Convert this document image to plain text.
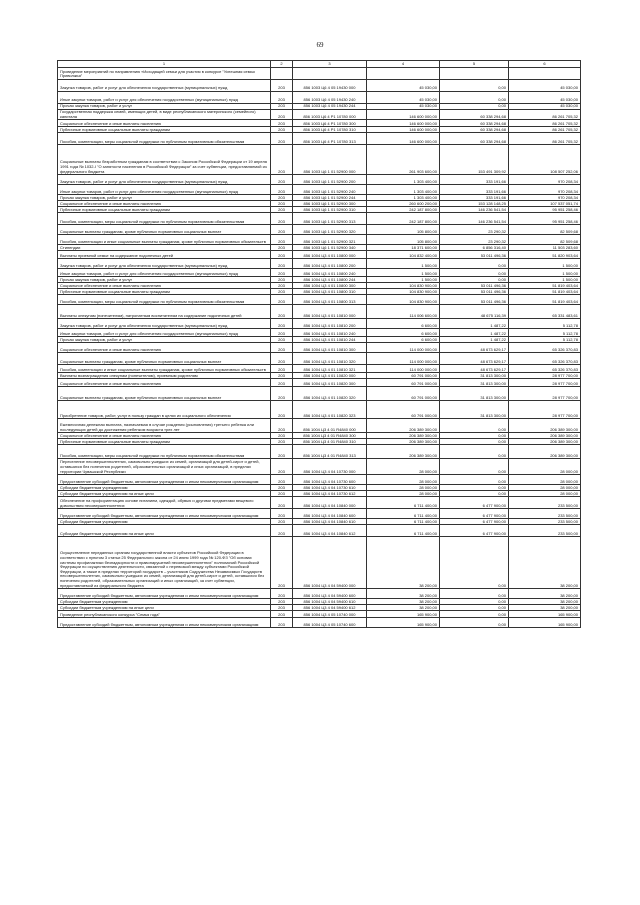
69
1	2	3	4	5	6
Проведение мероприятий по направлению «Исходящей семьи для участия в конкурсе "Успешная семья Приволжья"					
Закупка товаров, работ и услуг для обеспечения государственных (муниципальных) нужд	203	856 1003 Ц6 4 05 19430 000	45 030,00	0,00	45 030,00
Иные закупки товаров, работ и услуг для обеспечения государственных (муниципальных) нужд	203	856 1003 Ц6 4 05 19430 240	45 030,00	0,00	45 030,00
Прочая закупка товаров, работ и услуг	203	856 1003 Ц6 4 05 19430 244	45 030,00	0,00	45 030,00
Государственная поддержка семей, имеющих детей, в виде республиканского материнского (семейного) капитала	203	856 1003 Ц6 4 P1 10780 000	146 600 000,00	60 338 294,68	86 261 705,32
Социальное обеспечение и иные выплаты населению	203	856 1003 Ц6 4 P1 10780 300	146 600 000,00	60 338 294,68	86 261 705,32
Публичные нормативные социальные выплаты гражданам	203	856 1003 Ц6 4 P1 10780 310	146 600 000,00	60 338 294,68	86 261 705,32
Пособия, компенсации, меры социальной поддержки по публичным нормативным обязательствам	203	856 1003 Ц6 4 P1 10780 313	146 600 000,00	60 338 294,68	86 261 705,32
Социальные выплаты безработным гражданам в соответствии с Законом Российской Федерации от 19 апреля 1991 года № 1032-I "О занятости населения в Российской Федерации" за счет субвенции, предоставляемой из федерального бюджета	203	856 1003 Ц6 1 01 52900 000	261 903 600,00	153 491 309,92	108 507 252,06
Закупка товаров, работ и услуг для обеспечения государственных (муниципальных) нужд	203	856 1003 Ц6 1 01 52900 200	1 303 400,00	333 191,66	970 208,34
Иные закупки товаров, работ и услуг для обеспечения государственных (муниципальных) нужд	203	856 1003 Ц6 1 01 52900 240	1 303 400,00	333 191,66	970 208,34
Прочая закупка товаров, работ и услуг	203	856 1003 Ц6 1 01 52900 244	1 303 400,00	333 191,66	970 208,34
Социальное обеспечение и иные выплаты населению	203	856 1003 Ц6 1 01 52900 300	260 600 200,00	153 128 148,25	107 537 051,74
Публичные нормативные социальные выплаты гражданам	203	856 1003 Ц6 1 01 52900 310	242 187 800,00	146 236 541,54	95 951 258,46
Пособия, компенсации, меры социальной поддержки по публичным нормативным обязательствам	203	856 1003 Ц6 1 01 52900 313	242 187 800,00	146 236 541,54	95 951 258,46
Социальные выплаты гражданам, кроме публичных нормативных социальных выплат	203	856 1003 Ц6 1 01 52900 320	105 800,00	23 290,32	82 509,68
Пособия, компенсации и иные социальные выплаты гражданам, кроме публичных нормативных обязательств	203	856 1003 Ц6 1 01 52900 321	105 800,00	23 290,32	82 509,68
Стипендии	203	856 1003 Ц6 1 01 52900 340	18 371 600,00	6 856 316,40	11 503 283,60
Выплаты приемной семье на содержание подопечных детей	203	856 1004 Ц3 4 01 10800 000	104 832 400,00	53 011 496,36	51 820 903,64
Закупка товаров, работ и услуг для обеспечения государственных (муниципальных) нужд	203	856 1004 Ц3 4 01 10800 200	1 500,00	0,00	1 500,00
Иные закупки товаров, работ и услуг для обеспечения государственных (муниципальных) нужд	203	856 1004 Ц3 4 01 10800 240	1 500,00	0,00	1 500,00
Прочая закупка товаров, работ и услуг	203	856 1004 Ц3 4 01 10800 244	1 500,00	0,00	1 500,00
Социальное обеспечение и иные выплаты населению	203	856 1004 Ц3 4 01 10800 300	104 830 900,00	53 011 496,36	51 819 403,64
Публичные нормативные социальные выплаты гражданам	203	856 1004 Ц3 4 01 10800 310	104 830 900,00	53 011 496,36	51 819 403,64
Пособия, компенсации, меры социальной поддержки по публичным нормативным обязательствам	203	856 1004 Ц3 4 01 10800 313	104 830 900,00	53 011 496,36	51 819 403,64
Выплаты опекунам (попечителям), патронатным воспитателям на содержание подопечных детей	203	856 1004 Ц3 4 01 10810 000	114 006 600,00	48 675 116,39	65 331 483,61
Закупка товаров, работ и услуг для обеспечения государственных (муниципальных) нужд	203	856 1004 Ц3 4 01 10810 200	6 600,00	1 487,22	5 112,78
Иные закупки товаров, работ и услуг для обеспечения государственных (муниципальных) нужд	203	856 1004 Ц3 4 01 10810 240	6 600,00	1 487,22	5 112,78
Прочая закупка товаров, работ и услуг	203	856 1004 Ц3 4 01 10810 244	6 600,00	1 487,22	5 112,78
Социальное обеспечение и иные выплаты населению	203	856 1004 Ц3 4 01 10810 300	114 000 000,00	48 673 629,17	65 326 370,83
Социальные выплаты гражданам, кроме публичных нормативных социальных выплат	203	856 1004 Ц3 4 01 10810 320	114 000 000,00	48 673 629,17	65 326 370,83
Пособия, компенсации и иные социальные выплаты гражданам, кроме публичных нормативных обязательств	203	856 1004 Ц3 4 01 10810 321	114 000 000,00	48 673 629,17	65 326 370,83
Выплаты вознаграждения опекунам (попечителям), приемным родителям	203	856 1004 Ц3 4 01 10820 000	60 791 000,00	31 813 300,00	28 977 700,00
Социальное обеспечение и иные выплаты населению	203	856 1004 Ц3 4 01 10820 300	60 791 000,00	31 813 300,00	28 977 700,00
Социальные выплаты гражданам, кроме публичных нормативных социальных выплат	203	856 1004 Ц3 4 01 10820 320	60 791 000,00	31 813 300,00	28 977 700,00
Приобретение товаров, работ, услуг в пользу граждан в целях их социального обеспечения	203	856 1004 Ц3 4 01 10820 323	60 791 000,00	31 813 300,00	28 977 700,00
Ежемесячная денежная выплата, назначаемая в случае рождения (усыновления) третьего ребенка или последующих детей до достижения ребенком возраста трех лет	203	856 1004 Ц3 4 01 R4840 000	206 389 300,00	0,00	206 389 300,00
Социальное обеспечение и иные выплаты населению	203	856 1004 Ц3 4 01 R4840 300	206 389 300,00	0,00	206 389 300,00
Публичные нормативные социальные выплаты гражданам	203	856 1004 Ц3 4 01 R4840 310	206 389 300,00	0,00	206 389 300,00
Пособия, компенсации, меры социальной поддержки по публичным нормативным обязательствам	203	856 1004 Ц3 4 01 R4840 313	206 389 300,00	0,00	206 389 300,00
Переселение несовершеннолетних, самовольно ушедших из семей, организаций для детей-сирот и детей, оставшихся без попечения родителей, образовательных организаций и иных организаций, в пределах территории Чувашской Республики	203	856 1004 Ц3 4 04 10730 000	28 000,00	0,00	28 000,00
Предоставление субсидий бюджетным, автономным учреждениям и иным некоммерческим организациям	203	856 1004 Ц3 4 04 10730 600	28 000,00	0,00	28 000,00
Субсидии бюджетным учреждениям	203	856 1004 Ц3 4 04 10730 610	28 000,00	0,00	28 000,00
Субсидии бюджетным учреждениям на иные цели	203	856 1004 Ц3 4 04 10730 612	28 000,00	0,00	28 000,00
Обеспечение на профориентацию основе питанием, одеждой, обувью и другими предметами вещевого довольствия несовершеннолетних	203	856 1004 Ц3 4 04 10840 000	6 711 400,00	6 477 900,00	233 500,00
Предоставление субсидий бюджетным, автономным учреждениям и иным некоммерческим организациям	203	856 1004 Ц3 4 04 10840 600	6 711 400,00	6 477 900,00	233 500,00
Субсидии бюджетным учреждениям	203	856 1004 Ц3 4 04 10840 610	6 711 400,00	6 477 900,00	233 500,00
Субсидии бюджетным учреждениям на иные цели	203	856 1004 Ц3 4 04 10840 612	6 711 400,00	6 477 900,00	233 500,00
Осуществление переданных органам государственной власти субъектов Российской Федерации в соответствии с пунктом 3 статьи 25 Федерального закона от 24 июня 1999 года № 120-ФЗ "Об основах системы профилактики безнадзорности и правонарушений несовершеннолетних" полномочий Российской Федерации по осуществлению деятельности, связанной с перевозкой между субъектами Российской Федерации, а также в пределах территорий государств – участников Содружества Независимых Государств несовершеннолетних, самовольно ушедших из семей, организаций для детей-сирот и детей, оставшихся без попечения родителей, образовательных организаций и иных организаций, за счет субвенции, предоставляемой из федерального бюджета	203	856 1004 Ц3 4 04 59400 000	38 200,00	0,00	38 200,00
Предоставление субсидий бюджетным, автономным учреждениям и иным некоммерческим организациям	203	856 1004 Ц3 4 04 59400 600	38 200,00	0,00	38 200,00
Субсидии бюджетным учреждениям	203	856 1004 Ц3 4 04 59400 610	38 200,00	0,00	38 200,00
Субсидии бюджетным учреждениям на иные цели	203	856 1004 Ц3 4 04 59400 612	38 200,00	0,00	38 200,00
Проведение республиканского конкурса "Семья года"	203	856 1004 Ц3 4 05 10740 000	165 900,00	0,00	165 900,00
Предоставление субсидий бюджетным, автономным учреждениям и иным некоммерческим организациям	203	856 1004 Ц3 4 05 10740 600	165 900,00	0,00	165 900,00
